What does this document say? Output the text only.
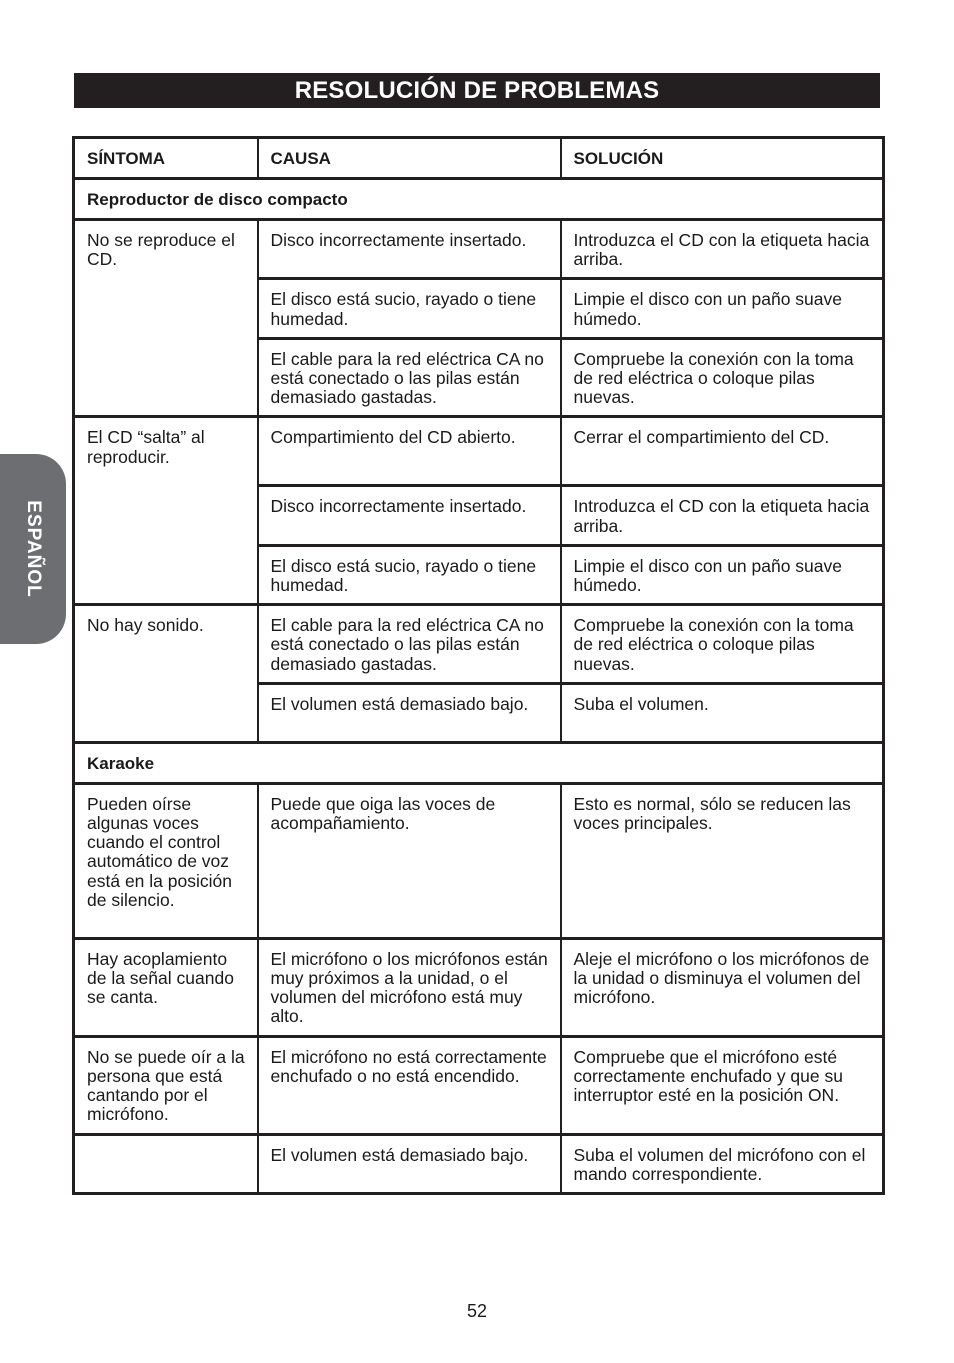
RESOLUCIÓN DE PROBLEMAS
ESPAÑOL
SÍNTOMA	CAUSA	SOLUCIÓN
Reproductor de disco compacto		
No se reproduce el CD.	Disco incorrectamente insertado.	Introduzca el CD con la etiqueta hacia arriba.
	El disco está sucio, rayado o tiene humedad.	Limpie el disco con un paño suave húmedo.
	El cable para la red eléctrica CA no está conectado o las pilas están demasiado gastadas.	Compruebe la conexión con la toma de red eléctrica o coloque pilas nuevas.
El CD “salta” al reproducir.	Compartimiento del CD abierto.	Cerrar el compartimiento del CD.
	Disco incorrectamente insertado.	Introduzca el CD con la etiqueta hacia arriba.
	El disco está sucio, rayado o tiene humedad.	Limpie el disco con un paño suave húmedo.
No hay sonido.	El cable para la red eléctrica CA no está conectado o las pilas están demasiado gastadas.	Compruebe la conexión con la toma de red eléctrica o coloque pilas nuevas.
	El volumen está demasiado bajo.	Suba el volumen.
Karaoke		
Pueden oírse algunas voces cuando el control automático de voz está en la posición de silencio.	Puede que oiga las voces de acompañamiento.	Esto es normal, sólo se reducen las voces principales.
Hay acoplamiento de la señal cuando se canta.	El micrófono o los micrófonos están muy próximos a la unidad, o el volumen del micrófono está muy alto.	Aleje el micrófono o los micrófonos de la unidad o disminuya el volumen del micrófono.
No se puede oír a la persona que está cantando por el micrófono.	El micrófono no está correctamente enchufado o no está encendido.	Compruebe que el micrófono esté correctamente enchufado y que su interruptor esté en la posición ON.
	El volumen está demasiado bajo.	Suba el volumen del micrófono con el mando correspondiente.
52
